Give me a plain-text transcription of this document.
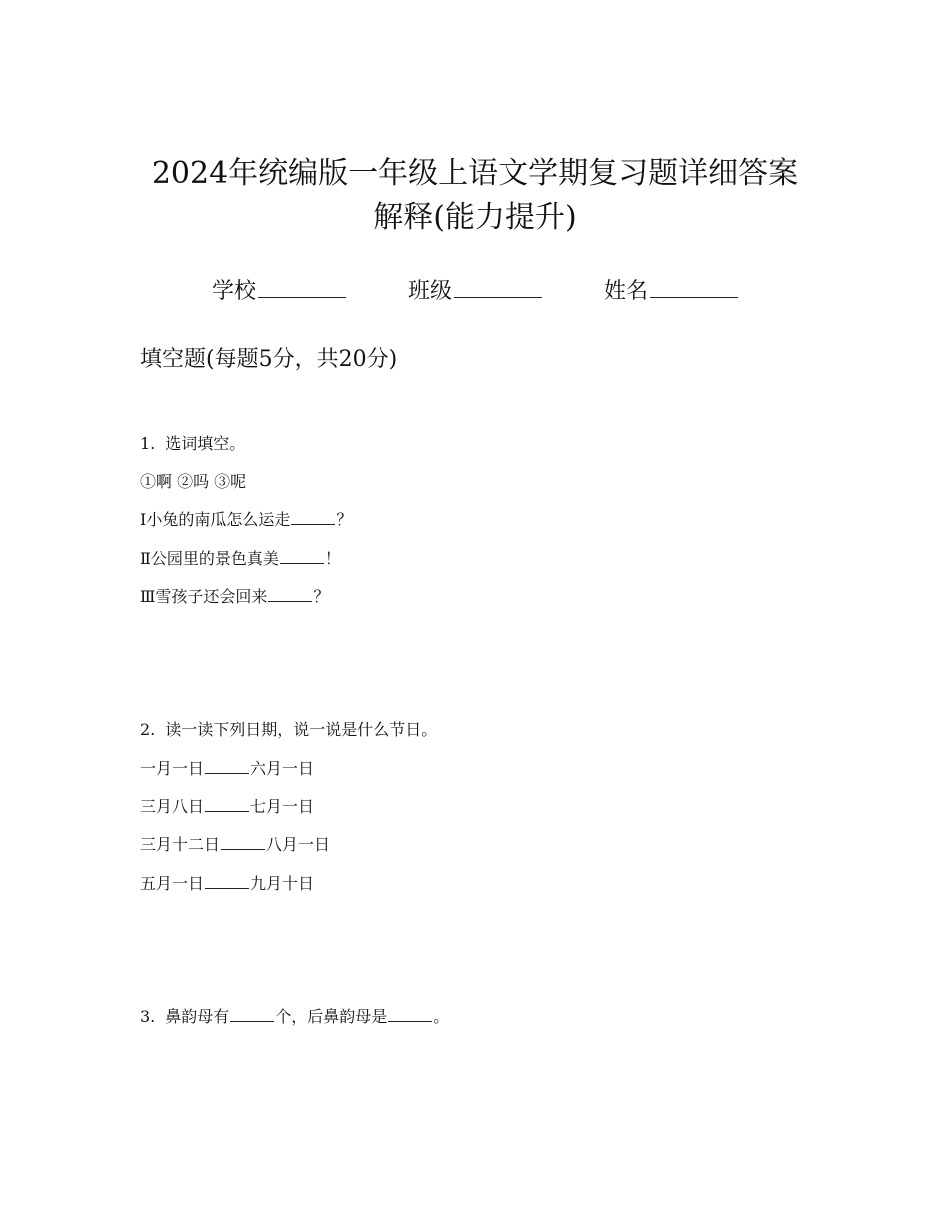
2024年统编版一年级上语文学期复习题详细答案
解释(能力提升)
学校	班级	姓名
填空题(每题5分，共20分)
1. 选词填空。
①啊 ②吗 ③呢
Ⅰ小兔的南瓜怎么运走	？
Ⅱ公园里的景色真美	！
Ⅲ雪孩子还会回来	？
2. 读一读下列日期，说一说是什么节日。
一月一日	六月一日
三月八日	七月一日
三月十二日	八月一日
五月一日	九月十日
3. 鼻韵母有	个，后鼻韵母是	。
